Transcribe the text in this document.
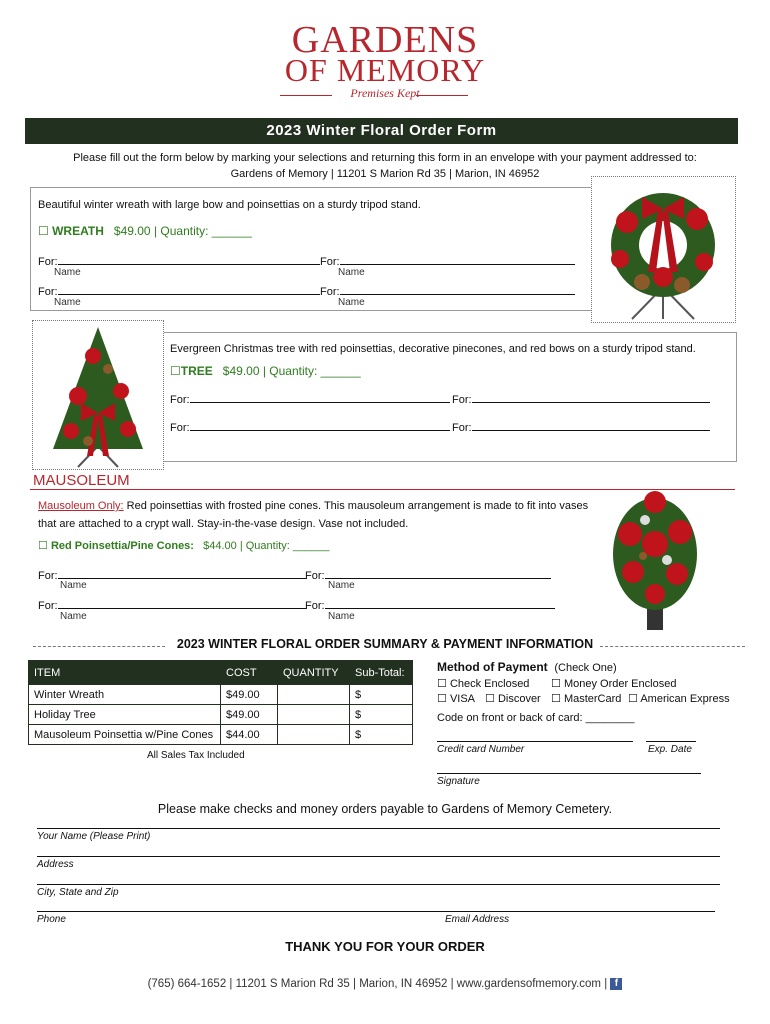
GARDENS
OF MEMORY
Premises Kept
2023 Winter Floral Order Form
Please fill out the form below by marking your selections and returning this form in an envelope with your payment addressed to:
Gardens of Memory | 11201 S Marion Rd 35 | Marion, IN 46952
Beautiful winter wreath with large bow and poinsettias on a sturdy tripod stand.
☐ WREATH $49.00 | Quantity: ______
For:	For:
Name	Name
For:	For:
Name	Name
Evergreen Christmas tree with red poinsettias, decorative pinecones, and red bows on a sturdy tripod stand.
☐TREE $49.00 | Quantity: ______
For:	For:
For:	For:
MAUSOLEUM
Mausoleum Only: Red poinsettias with frosted pine cones. This mausoleum arrangement is made to fit into vases
that are attached to a crypt wall. Stay-in-the-vase design. Vase not included.
☐ Red Poinsettia/Pine Cones: $44.00 | Quantity: ______
For:	For:
Name	Name
For:	For:
Name	Name
2023 WINTER FLORAL ORDER SUMMARY & PAYMENT INFORMATION
ITEM	COST	QUANTITY	Sub-Total:
Winter Wreath	$49.00		$
Holiday Tree	$49.00		$
Mausoleum Poinsettia w/Pine Cones	$44.00		$
All Sales Tax Included
Method of Payment (Check One)
☐ Check Enclosed ☐ Money Order Enclosed
☐ VISA ☐ Discover ☐ MasterCard ☐ American Express
Code on front or back of card: ________
Credit card Number	Exp. Date
Signature
Please make checks and money orders payable to Gardens of Memory Cemetery.
Your Name (Please Print)
Address
City, State and Zip
Phone	Email Address
THANK YOU FOR YOUR ORDER
(765) 664-1652 | 11201 S Marion Rd 35 | Marion, IN 46952 | www.gardensofmemory.com | f
